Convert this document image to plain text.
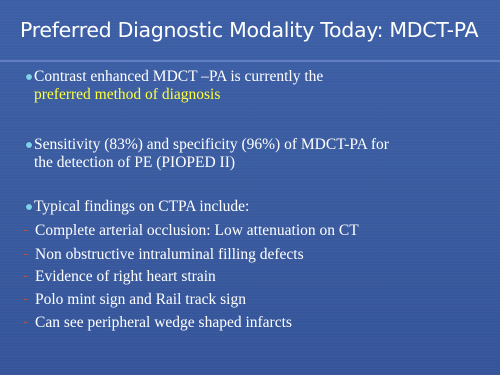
Preferred Diagnostic Modality Today: MDCT-PA
Contrast enhanced MDCT –PA is currently the
preferred method of diagnosis
Sensitivity (83%) and specificity (96%) of MDCT-PA for
the detection of PE (PIOPED II)
Typical findings on CTPA include:
- Complete arterial occlusion: Low attenuation on CT
- Non obstructive intraluminal filling defects
- Evidence of right heart strain
- Polo mint sign and Rail track sign
- Can see peripheral wedge shaped infarcts
